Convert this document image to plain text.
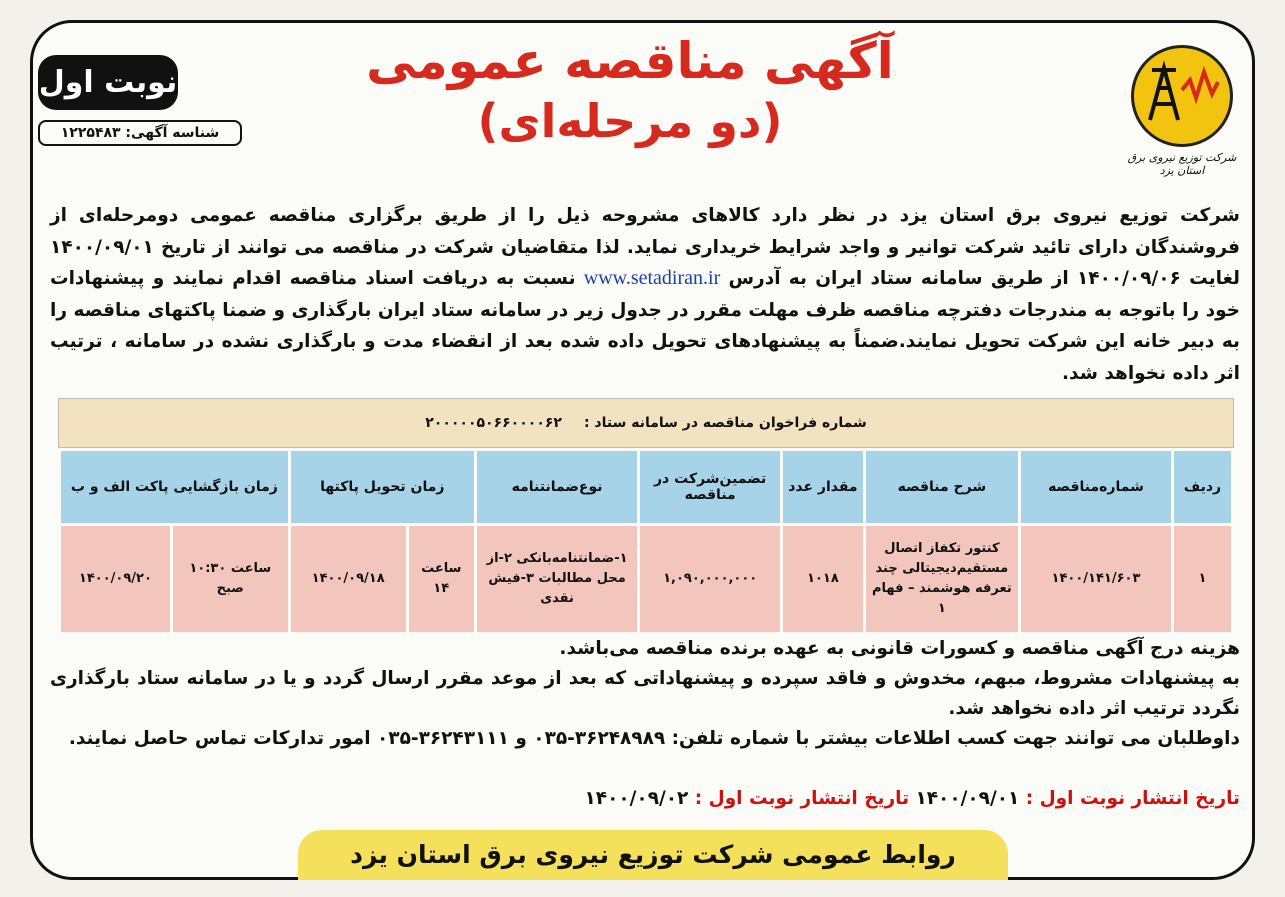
شرکت توزیع نیروی برق استان یزد
آگهی مناقصه عمومی
(دو مرحله‌ای)
نوبت اول
شناسه آگهی: ۱۲۲۵۴۸۳
شرکت توزیع نیروی برق استان یزد در نظر دارد کالاهای مشروحه ذیل را از طریق برگزاری مناقصه عمومی دومرحله‌ای از فروشندگان دارای تائید شرکت توانیر و واجد شرایط خریداری نماید. لذا متقاضیان شرکت در مناقصه می توانند از تاریخ ۱۴۰۰/۰۹/۰۱ لغایت ۱۴۰۰/۰۹/۰۶ از طریق سامانه ستاد ایران به آدرس www.setadiran.ir نسبت به دریافت اسناد مناقصه اقدام نمایند و پیشنهادات خود را باتوجه به مندرجات دفترچه مناقصه ظرف مهلت مقرر در جدول زیر در سامانه ستاد ایران بارگذاری و ضمنا پاکتهای مناقصه را به دبیر خانه این شرکت تحویل نمایند.ضمناً به پیشنهادهای تحویل داده شده بعد از انقضاء مدت و بارگذاری نشده در سامانه ، ترتیب اثر داده نخواهد شد.
شماره فراخوان مناقصه در سامانه ستاد :
۲۰۰۰۰۰۵۰۶۶۰۰۰۰۶۲
ردیف	شماره‌مناقصه	شرح مناقصه	مقدار عدد	تضمین‌شرکت در مناقصه	نوع‌ضمانتنامه	زمان تحویل پاکتها		زمان بازگشایی پاکت الف و ب	
۱	۱۴۰۰/۱۴۱/۶۰۳	کنتور تکفاز اتصال مستقیم‌دیجیتالی چند تعرفه هوشمند – فهام ۱	۱۰۱۸	۱,۰۹۰,۰۰۰,۰۰۰	۱-ضمانتنامه‌بانکی ۲-از محل مطالبات ۳-فیش نقدی	ساعت ۱۴	۱۴۰۰/۰۹/۱۸	ساعت ۱۰:۳۰ صبح	۱۴۰۰/۰۹/۲۰
هزینه درج آگهی مناقصه و کسورات قانونی به عهده برنده مناقصه می‌باشد.
به پیشنهادات مشروط، مبهم، مخدوش و فاقد سپرده و پیشنهاداتی که بعد از موعد مقرر ارسال گردد و یا در سامانه ستاد بارگذاری نگردد ترتیب اثر داده نخواهد شد.
داوطلبان می توانند جهت کسب اطلاعات بیشتر با شماره تلفن: ۳۶۲۴۸۹۸۹-۰۳۵ و ۳۶۲۴۳۱۱۱-۰۳۵ امور تدارکات تماس حاصل نمایند.
تاریخ انتشار نوبت اول : ۱۴۰۰/۰۹/۰۱ تاریخ انتشار نوبت اول : ۱۴۰۰/۰۹/۰۲
روابط عمومی شرکت توزیع نیروی برق استان یزد
